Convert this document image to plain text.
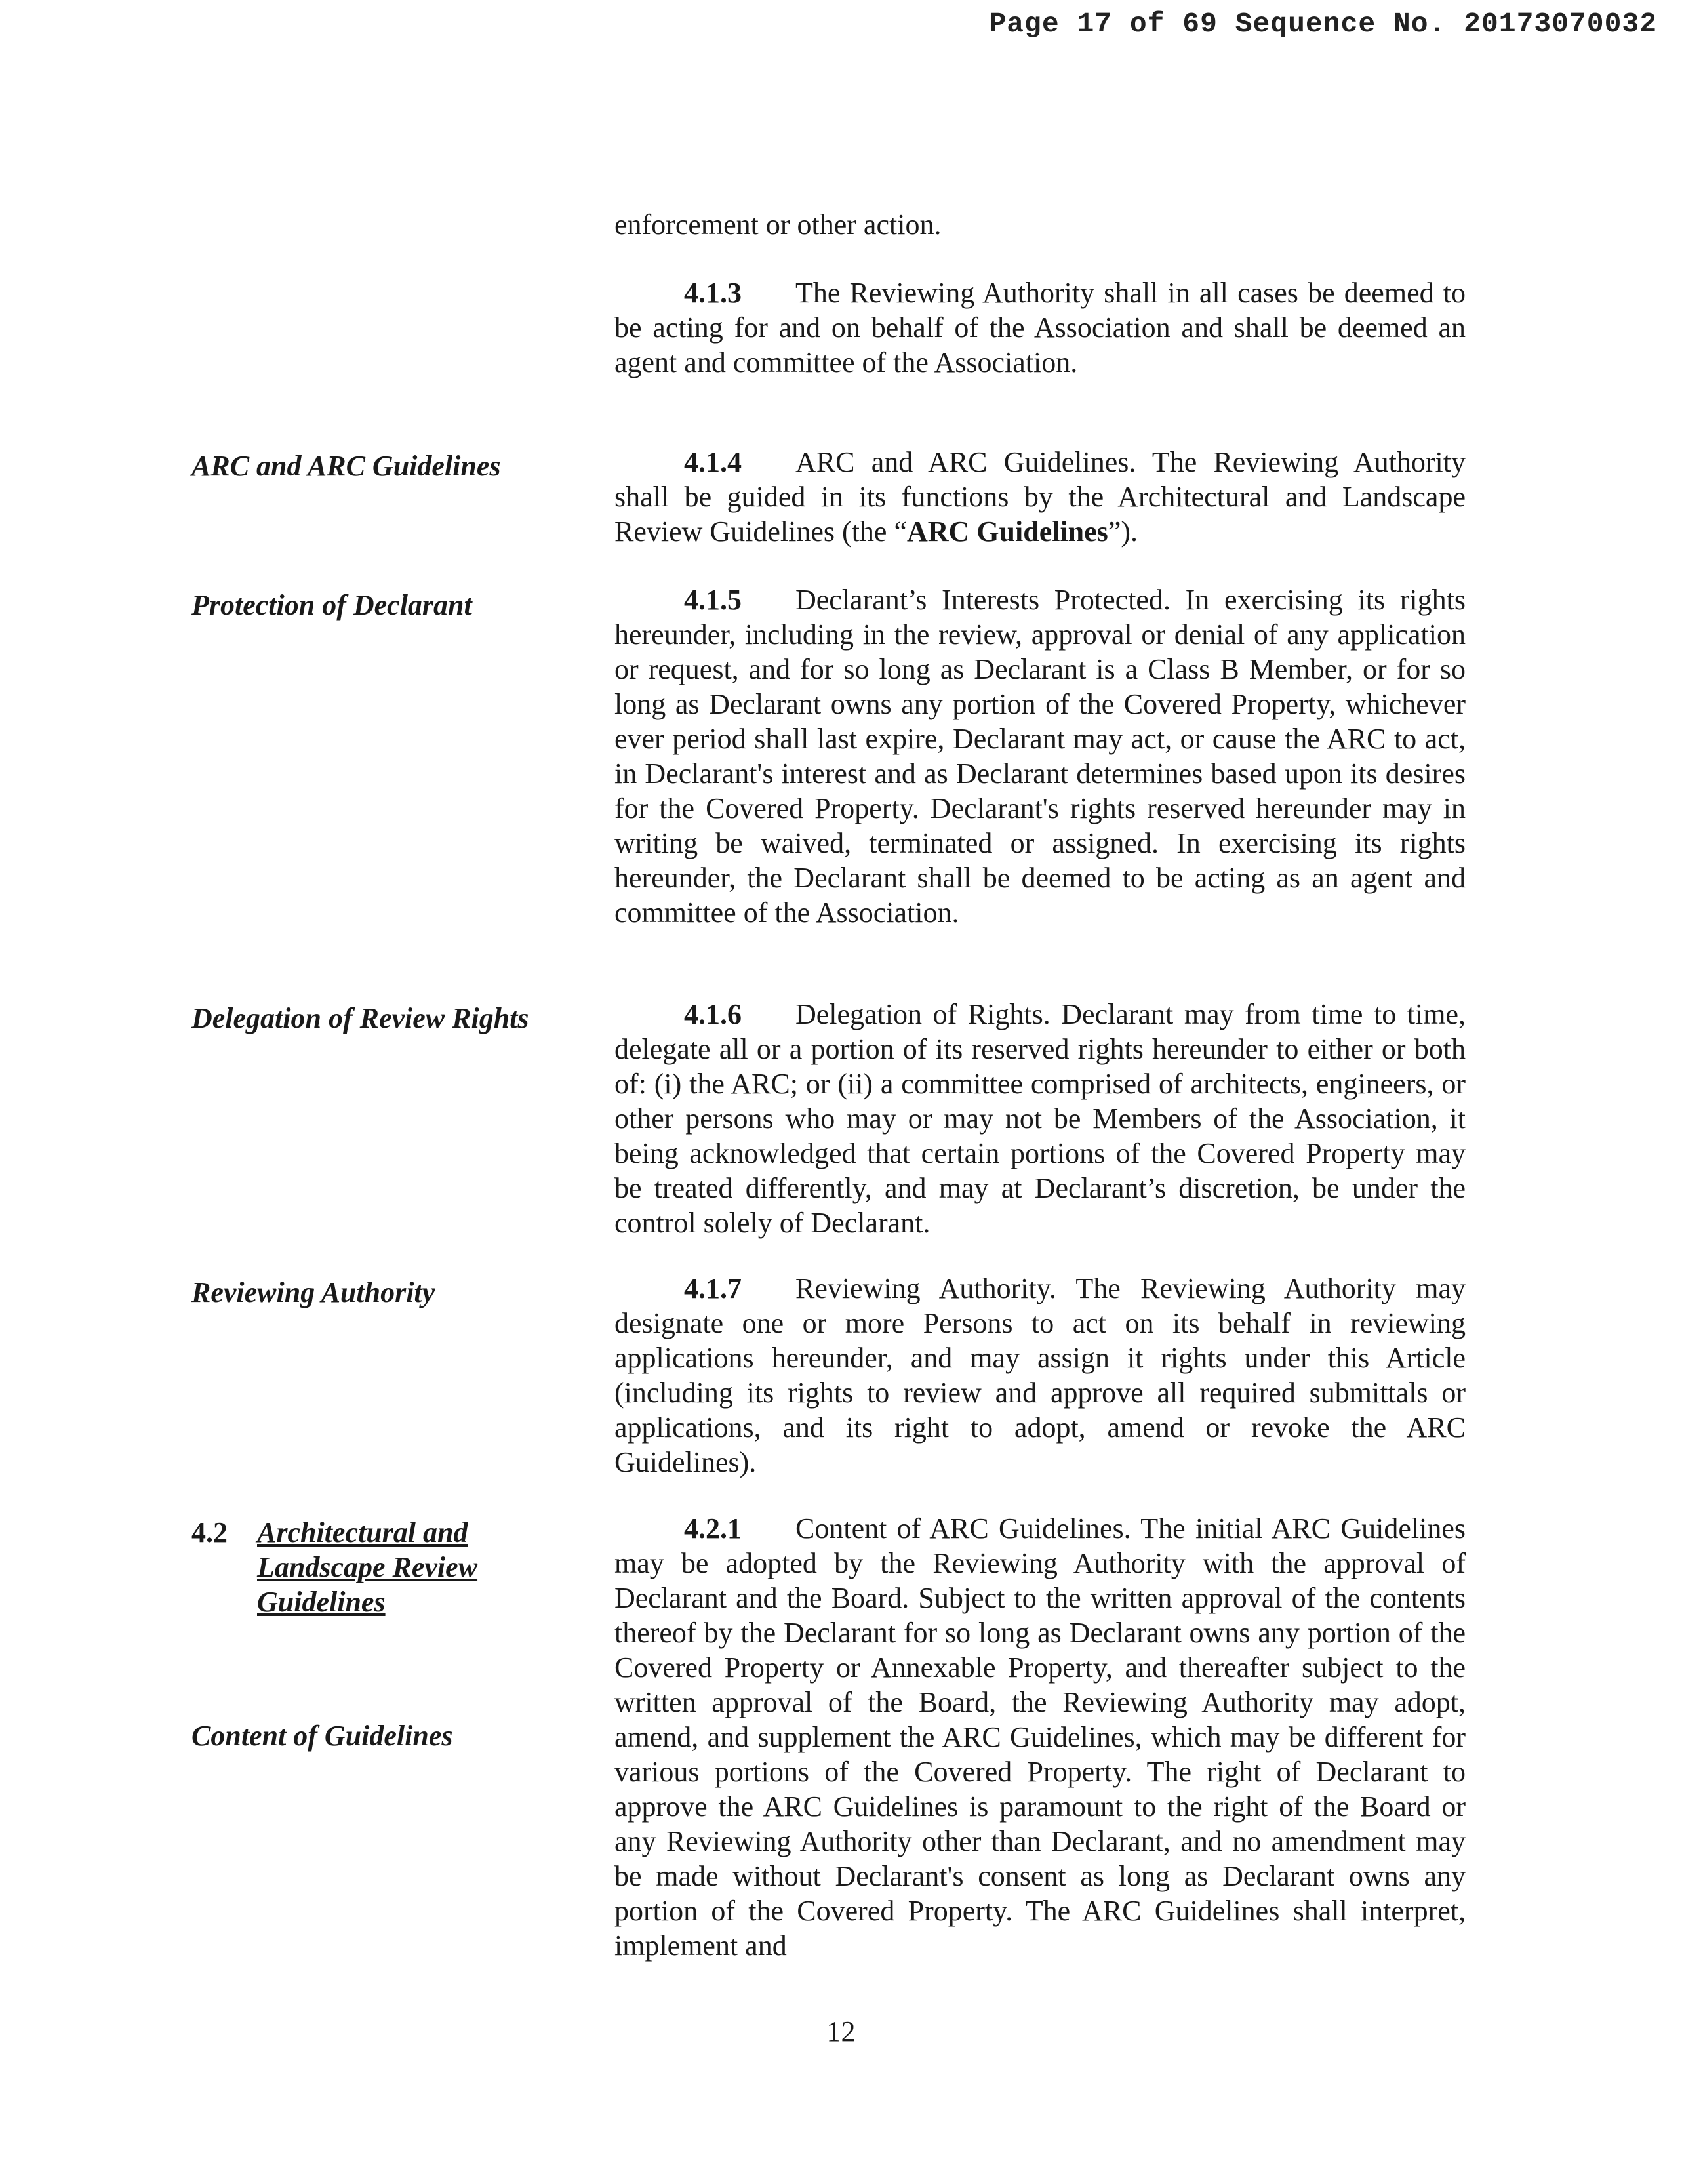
Page 17 of 69 Sequence No. 20173070032

enforcement or other action.

4.1.3 The Reviewing Authority shall in all cases be deemed to be acting for and on behalf of the Association and shall be deemed an agent and committee of the Association.

ARC and ARC Guidelines	4.1.4 ARC and ARC Guidelines. The Reviewing Authority shall be guided in its functions by the Architectural and Landscape Review Guidelines (the “ARC Guidelines”).

Protection of Declarant	4.1.5 Declarant’s Interests Protected. In exercising its rights hereunder, including in the review, approval or denial of any application or request, and for so long as Declarant is a Class B Member, or for so long as Declarant owns any portion of the Covered Property, whichever ever period shall last expire, Declarant may act, or cause the ARC to act, in Declarant's interest and as Declarant determines based upon its desires for the Covered Property. Declarant's rights reserved hereunder may in writing be waived, terminated or assigned. In exercising its rights hereunder, the Declarant shall be deemed to be acting as an agent and committee of the Association.

Delegation of Review Rights	4.1.6 Delegation of Rights. Declarant may from time to time, delegate all or a portion of its reserved rights hereunder to either or both of: (i) the ARC; or (ii) a committee comprised of architects, engineers, or other persons who may or may not be Members of the Association, it being acknowledged that certain portions of the Covered Property may be treated differently, and may at Declarant’s discretion, be under the control solely of Declarant.

Reviewing Authority	4.1.7 Reviewing Authority. The Reviewing Authority may designate one or more Persons to act on its behalf in reviewing applications hereunder, and may assign it rights under this Article (including its rights to review and approve all required submittals or applications, and its right to adopt, amend or revoke the ARC Guidelines).

4.2	Architectural and
Landscape Review
Guidelines
Content of Guidelines

4.2.1 Content of ARC Guidelines. The initial ARC Guidelines may be adopted by the Reviewing Authority with the approval of Declarant and the Board. Subject to the written approval of the contents thereof by the Declarant for so long as Declarant owns any portion of the Covered Property or Annexable Property, and thereafter subject to the written approval of the Board, the Reviewing Authority may adopt, amend, and supplement the ARC Guidelines, which may be different for various portions of the Covered Property. The right of Declarant to approve the ARC Guidelines is paramount to the right of the Board or any Reviewing Authority other than Declarant, and no amendment may be made without Declarant's consent as long as Declarant owns any portion of the Covered Property. The ARC Guidelines shall interpret, implement and

12
